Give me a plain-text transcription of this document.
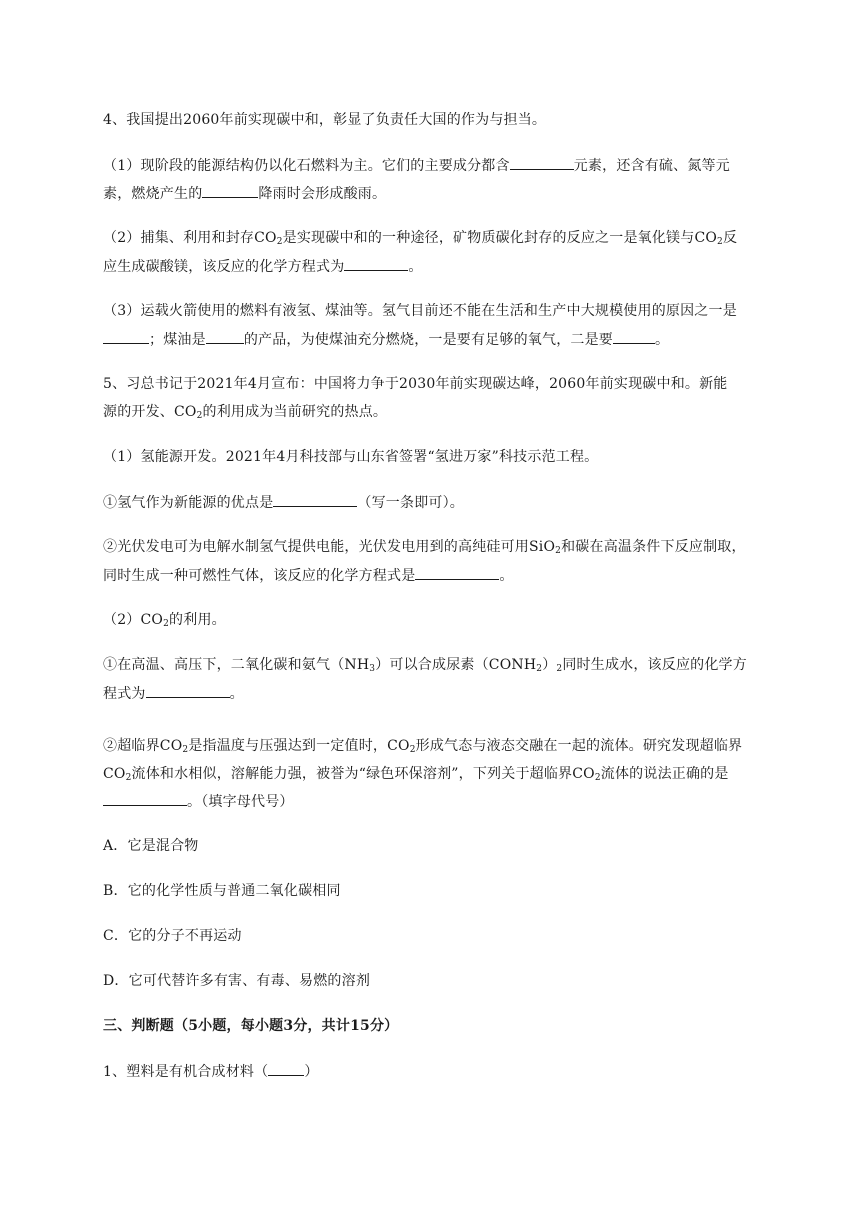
4、我国提出2060年前实现碳中和，彰显了负责任大国的作为与担当。
（1）现阶段的能源结构仍以化石燃料为主。它们的主要成分都含	元素，还含有硫、氮等元
素，燃烧产生的	降雨时会形成酸雨。
（2）捕集、利用和封存$CO_2$是实现碳中和的一种途径，矿物质碳化封存的反应之一是氧化镁与$CO_2$反
应生成碳酸镁，该反应的化学方程式为	。
（3）运载火箭使用的燃料有液氢、煤油等。氢气目前还不能在生活和生产中大规模使用的原因之一是
；煤油是	的产品，为使煤油充分燃烧，一是要有足够的氧气，二是要	。
5、习总书记于2021年4月宣布：中国将力争于2030年前实现碳达峰，2060年前实现碳中和。新能
源的开发、$CO_2$的利用成为当前研究的热点。
（1）氢能源开发。2021年4月科技部与山东省签署“氢进万家”科技示范工程。
①氢气作为新能源的优点是	（写一条即可）。
②光伏发电可为电解水制氢气提供电能，光伏发电用到的高纯硅可用SiO$_2$和碳在高温条件下反应制取，
同时生成一种可燃性气体，该反应的化学方程式是	。
$(2)CO_2$的利用。
①在高温、高压下，二氧化碳和氨气$(NH_3)$可以合成尿素$(CONH_2)_2$同时生成水，该反应的化学方
程式为	。
②超临界$CO_2$是指温度与压强达到一定值时，$CO_2$形成气态与液态交融在一起的流体。研究发现超临界
$CO_2$流体和水相似，溶解能力强，被誉为“绿色环保溶剂”，下列关于超临界$CO_2$流体的说法正确的是
。（填字母代号）
A．它是混合物
B．它的化学性质与普通二氧化碳相同
C．它的分子不再运动
D．它可代替许多有害、有毒、易燃的溶剂
三、判断题（5小题，每小题3分，共计15分）
1、塑料是有机合成材料（	）
